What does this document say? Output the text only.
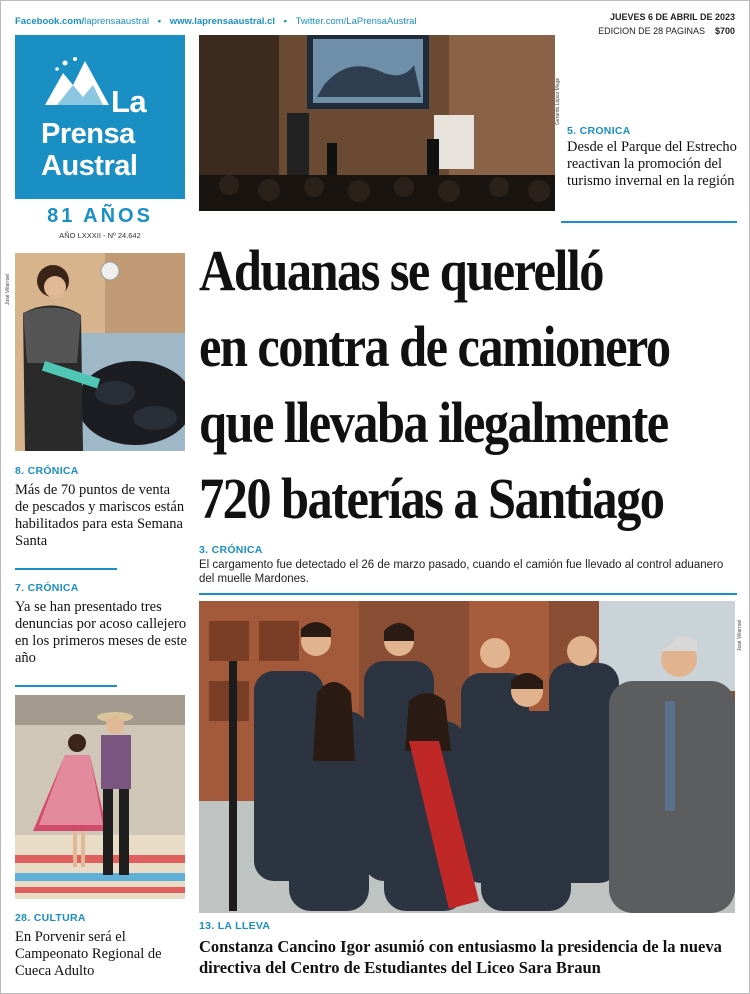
Facebook.com/laprensaaustral • www.laprensaaustral.cl • Twitter.com/LaPrensaAustral	JUEVES 6 DE ABRIL DE 2023
EDICION DE 28 PAGINAS $700
La
Prensa
Austral
81 AÑOS
AÑO LXXXII - Nº 24.642
Gerardo López Mage
5. CRONICA
Desde el Parque del Estrecho reactivan la promoción del turismo invernal en la región
Aduanas se querelló
en contra de camionero
que llevaba ilegalmente
720 baterías a Santiago
3. CRÓNICA
El cargamento fue detectado el 26 de marzo pasado, cuando el camión fue llevado al control aduanero del muelle Mardones.
José Villarroel
8. CRÓNICA
Más de 70 puntos de venta de pescados y mariscos están habilitados para esta Semana Santa
7. CRÓNICA
Ya se han presentado tres denuncias por acoso callejero en los primeros meses de este año
28. CULTURA
En Porvenir será el Campeonato Regional de Cueca Adulto
José Villarroel
13. LA LLEVA
Constanza Cancino Igor asumió con entusiasmo la presidencia de la nueva directiva del Centro de Estudiantes del Liceo Sara Braun
